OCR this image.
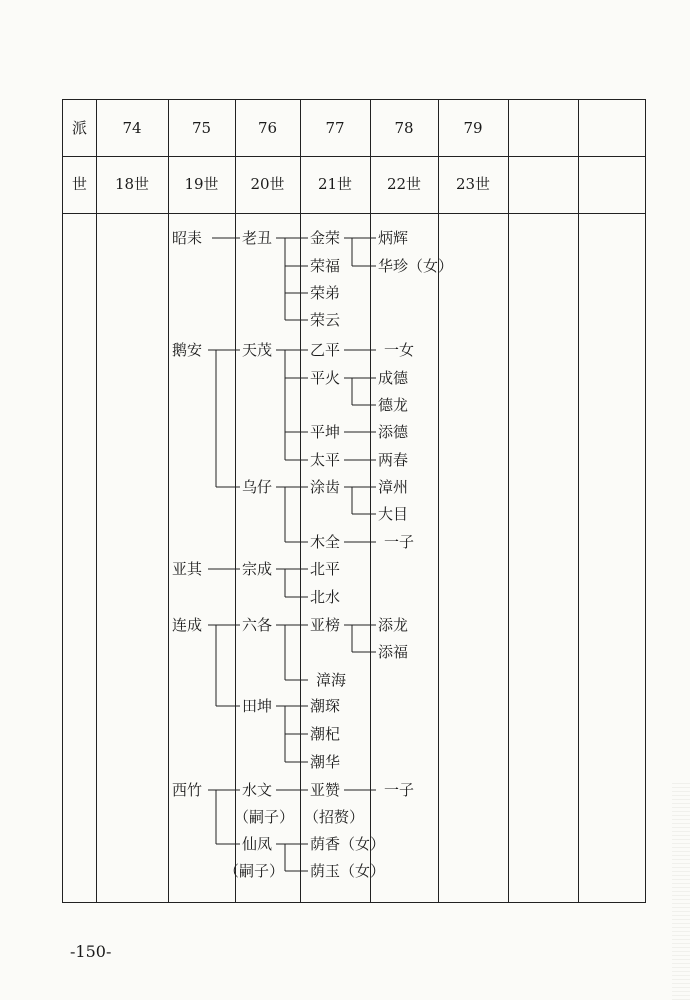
派	74	75	76	77	78	79
世	18世	19世	20世	21世	22世	23世
昭耒	老丑	金荣	炳辉
华珍（女）
荣福
荣弟
荣云
鹅安	天茂	乙平	一女
平火	成德
德龙
平坤	添德
太平	两春
乌仔	涂齿	漳州
大目
木全	一子
亚其	宗成	北平
北水
连成	六各	亚榜	添龙
添福
漳海
田坤	潮琛
潮杞
潮华
西竹	水文	亚赞	一子
（嗣子） （招赘）
仙凤	荫香（女）
（嗣子） 荫玉（女）
-150-
